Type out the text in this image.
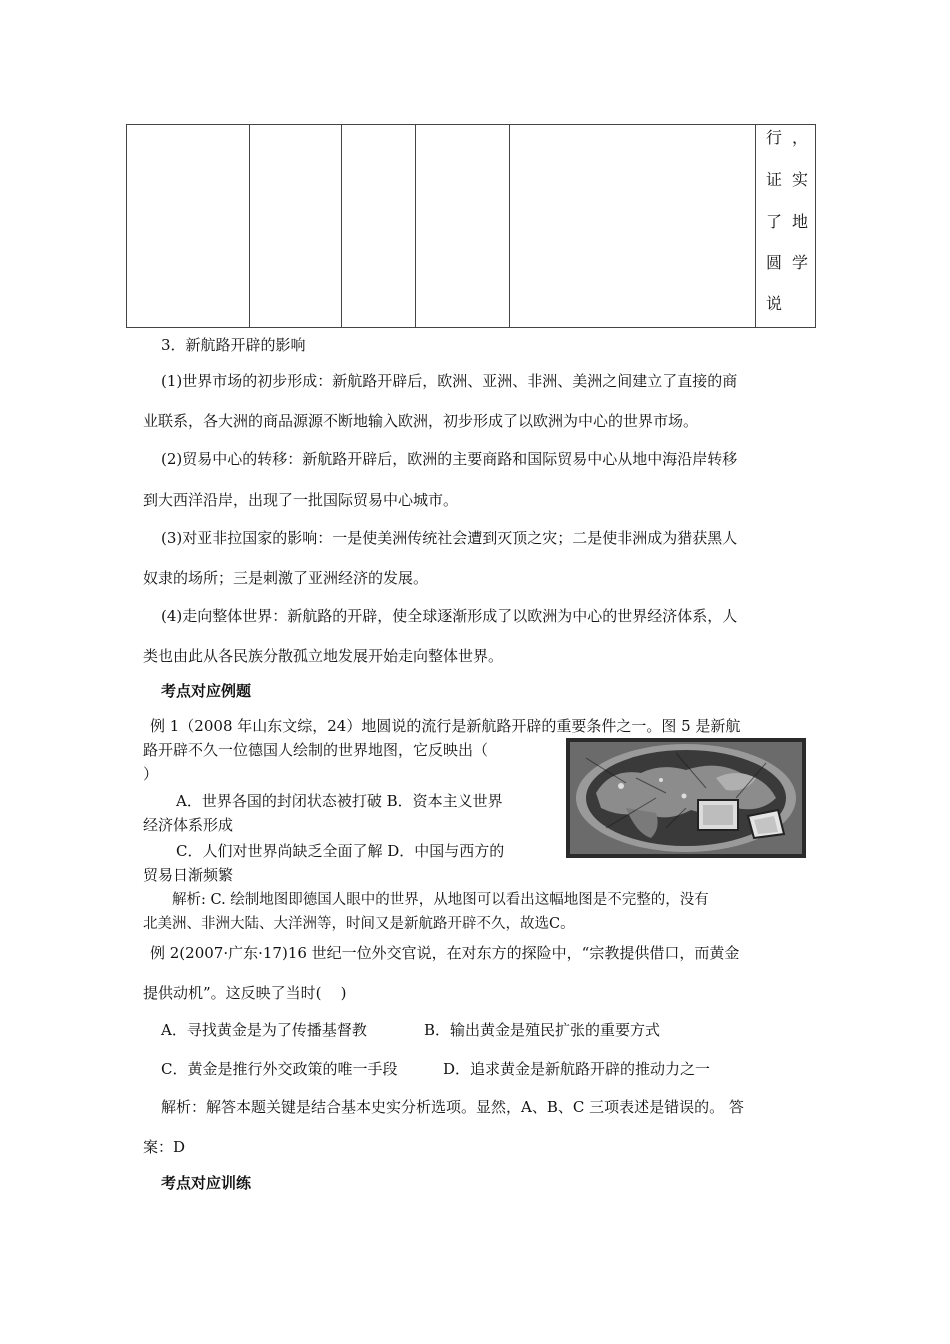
行 ，
证 实
了 地
圆 学
说
3．新航路开辟的影响
(1)世界市场的初步形成：新航路开辟后，欧洲、亚洲、非洲、美洲之间建立了直接的商
业联系，各大洲的商品源源不断地输入欧洲，初步形成了以欧洲为中心的世界市场。
(2)贸易中心的转移：新航路开辟后，欧洲的主要商路和国际贸易中心从地中海沿岸转移
到大西洋沿岸，出现了一批国际贸易中心城市。
(3)对亚非拉国家的影响：一是使美洲传统社会遭到灭顶之灾；二是使非洲成为猎获黑人
奴隶的场所；三是刺激了亚洲经济的发展。
(4)走向整体世界：新航路的开辟，使全球逐渐形成了以欧洲为中心的世界经济体系，人
类也由此从各民族分散孤立地发展开始走向整体世界。
考点对应例题
例 1（2008 年山东文综，24）地圆说的流行是新航路开辟的重要条件之一。图 5 是新航
路开辟不久一位德国人绘制的世界地图，它反映出（
）
A．世界各国的封闭状态被打破 B．资本主义世界
经济体系形成
C．人们对世界尚缺乏全面了解 D．中国与西方的
贸易日渐频繁
解析: C. 绘制地图即德国人眼中的世界，从地图可以看出这幅地图是不完整的，没有
北美洲、非洲大陆、大洋洲等，时间又是新航路开辟不久，故选C。
例 2(2007·广东·17)16 世纪一位外交官说，在对东方的探险中，“宗教提供借口，而黄金
提供动机”。这反映了当时(    )
A．寻找黄金是为了传播基督教	B．输出黄金是殖民扩张的重要方式
C．黄金是推行外交政策的唯一手段	D．追求黄金是新航路开辟的推动力之一
解析：解答本题关键是结合基本史实分析选项。显然，A、B、C 三项表述是错误的。 答
案：D
考点对应训练
